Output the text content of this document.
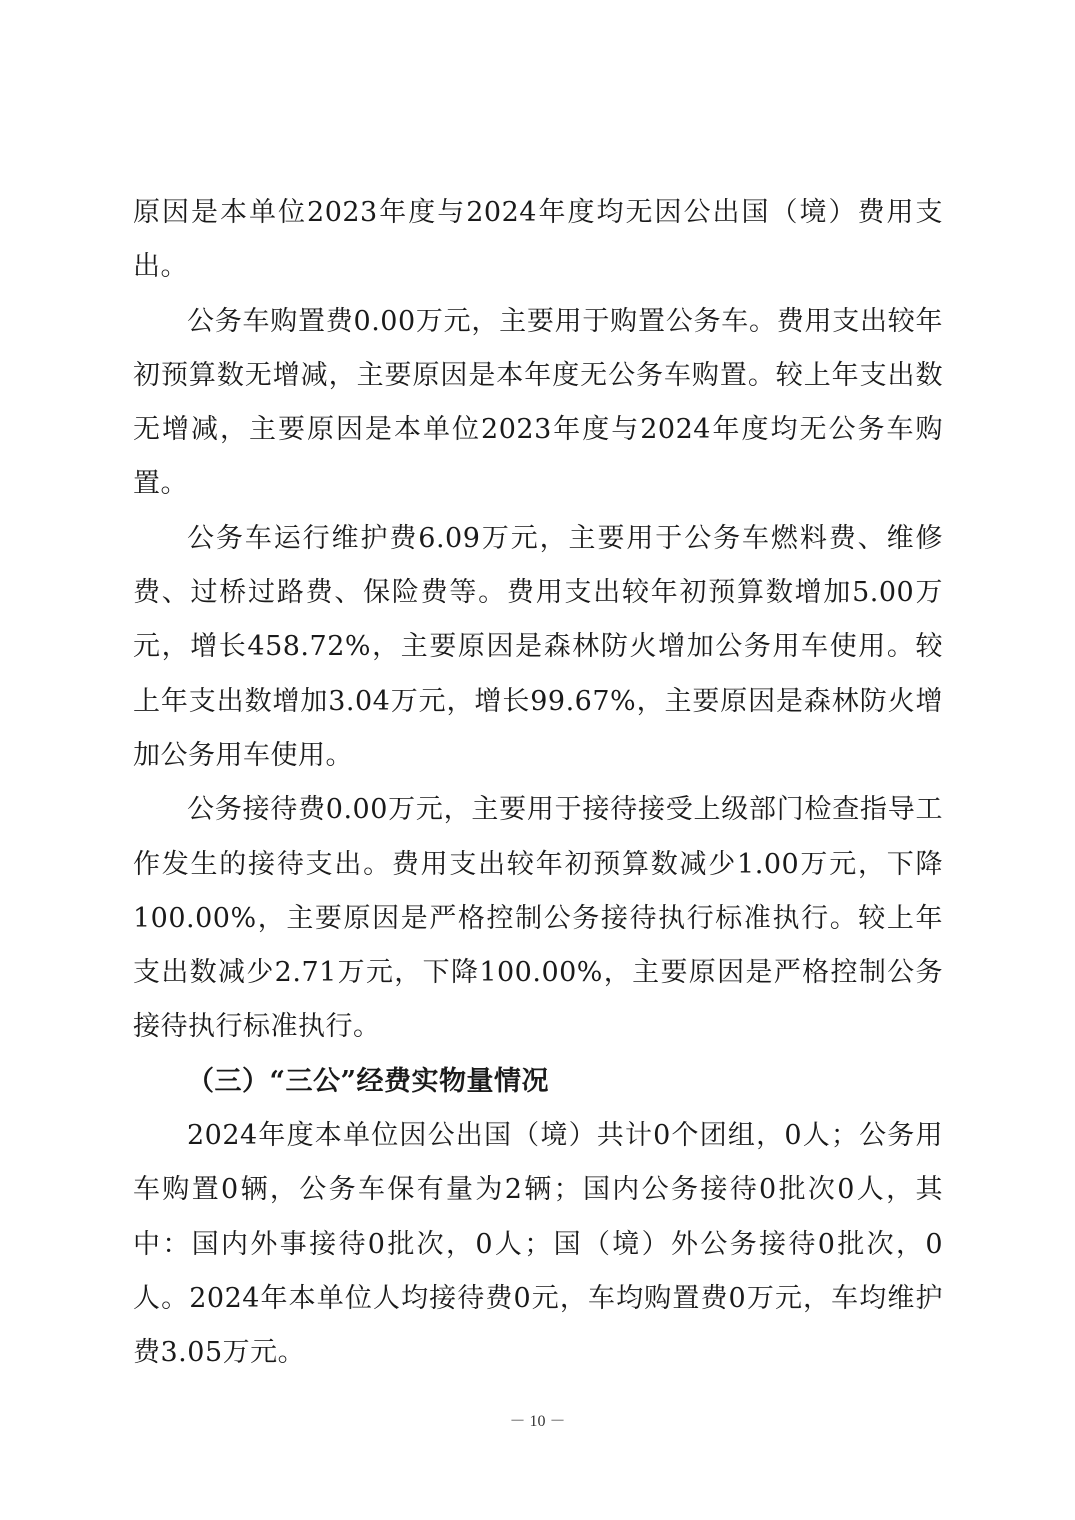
原因是本单位2023年度与2024年度均无因公出国（境）费用支出。

公务车购置费0.00万元，主要用于购置公务车。费用支出较年初预算数无增减，主要原因是本年度无公务车购置。较上年支出数无增减，主要原因是本单位2023年度与2024年度均无公务车购置。

公务车运行维护费6.09万元，主要用于公务车燃料费、维修费、过桥过路费、保险费等。费用支出较年初预算数增加5.00万元，增长458.72%，主要原因是森林防火增加公务用车使用。较上年支出数增加3.04万元，增长99.67%，主要原因是森林防火增加公务用车使用。

公务接待费0.00万元，主要用于接待接受上级部门检查指导工作发生的接待支出。费用支出较年初预算数减少1.00万元，下降100.00%，主要原因是严格控制公务接待执行标准执行。较上年支出数减少2.71万元，下降100.00%，主要原因是严格控制公务接待执行标准执行。

（三）“三公”经费实物量情况

2024年度本单位因公出国（境）共计0个团组，0人；公务用车购置0辆，公务车保有量为2辆；国内公务接待0批次0人，其中：国内外事接待0批次，0人；国（境）外公务接待0批次，0人。2024年本单位人均接待费0元，车均购置费0万元，车均维护费3.05万元。

－ 10 －
